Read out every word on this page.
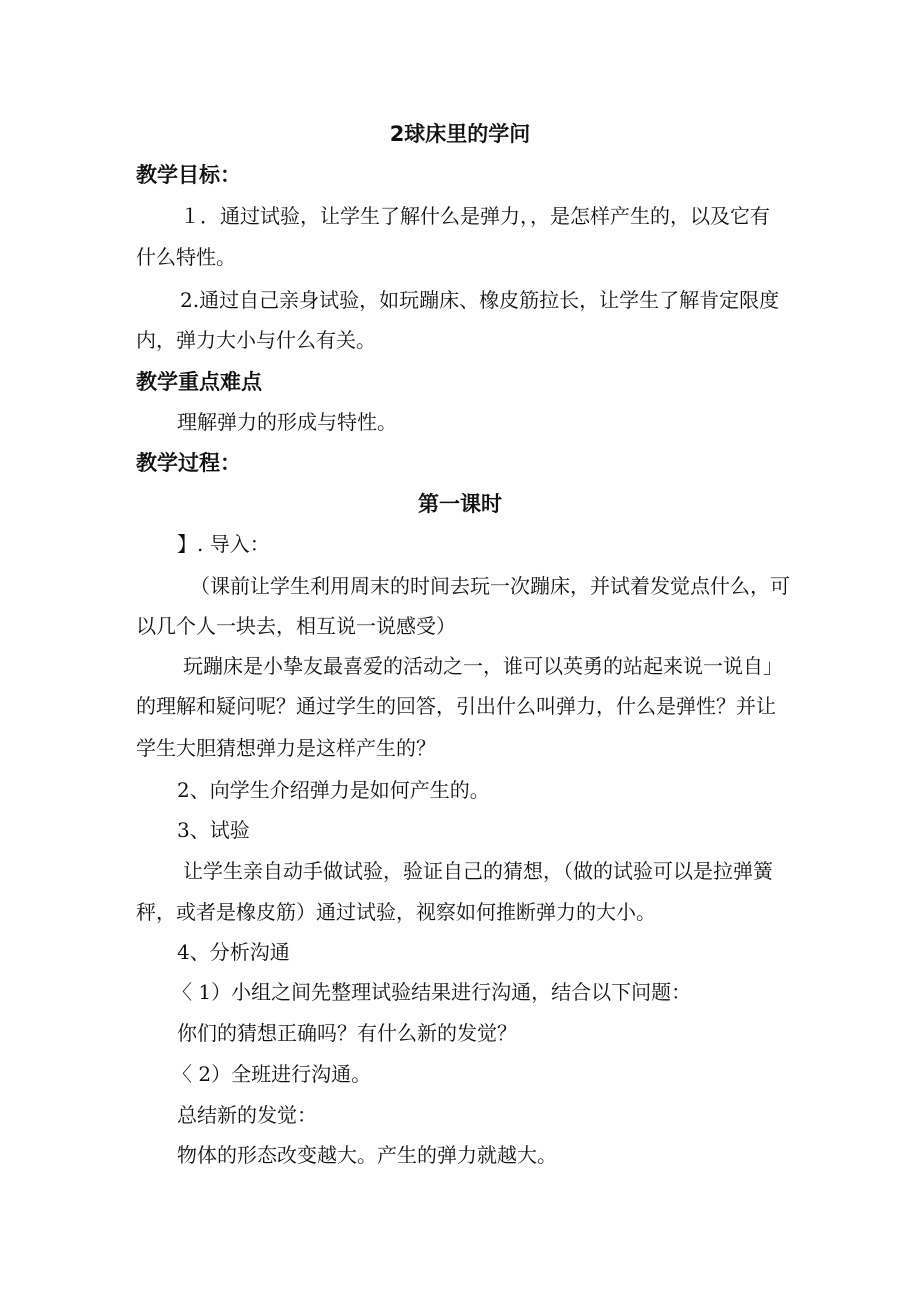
2球床里的学问
教学目标：
１．通过试验，让学生了解什么是弹力，，是怎样产生的，以及它有
什么特性。
2.通过自己亲身试验，如玩蹦床、橡皮筋拉长，让学生了解肯定限度
内，弹力大小与什么有关。
教学重点难点
理解弹力的形成与特性。
教学过程：
第一课时
】. 导入：
（课前让学生利用周末的时间去玩一次蹦床，并试着发觉点什么，可
以几个人一块去，相互说一说感受）
玩蹦床是小挚友最喜爱的活动之一，谁可以英勇的站起来说一说自」
的理解和疑问呢？通过学生的回答，引出什么叫弹力，什么是弹性？并让
学生大胆猜想弹力是这样产生的？
2、向学生介绍弹力是如何产生的。
3、试验
让学生亲自动手做试验，验证自己的猜想，（做的试验可以是拉弹簧
秤，或者是橡皮筋）通过试验，视察如何推断弹力的大小。
4、分析沟通
〈 1）小组之间先整理试验结果进行沟通，结合以下问题：
你们的猜想正确吗？有什么新的发觉？
〈 2）全班进行沟通。
总结新的发觉：
物体的形态改变越大。产生的弹力就越大。
